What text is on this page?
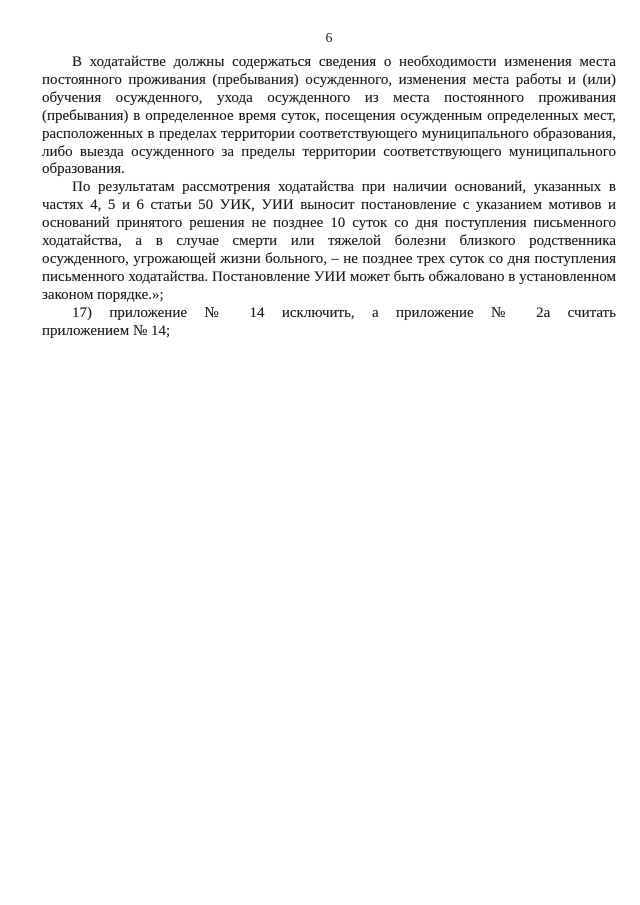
6

В ходатайстве должны содержаться сведения о необходимости изменения места постоянного проживания (пребывания) осужденного, изменения места работы и (или) обучения осужденного, ухода осужденного из места постоянного проживания (пребывания) в определенное время суток, посещения осужденным определенных мест, расположенных в пределах территории соответствующего муниципального образования, либо выезда осужденного за пределы территории соответствующего муниципального образования.

По результатам рассмотрения ходатайства при наличии оснований, указанных в частях 4, 5 и 6 статьи 50 УИК, УИИ выносит постановление с указанием мотивов и оснований принятого решения не позднее 10 суток со дня поступления письменного ходатайства, а в случае смерти или тяжелой болезни близкого родственника осужденного, угрожающей жизни больного, – не позднее трех суток со дня поступления письменного ходатайства. Постановление УИИ может быть обжаловано в установленном законом порядке.»;

17) приложение № 14 исключить, а приложение № 2а считать
приложением № 14;
